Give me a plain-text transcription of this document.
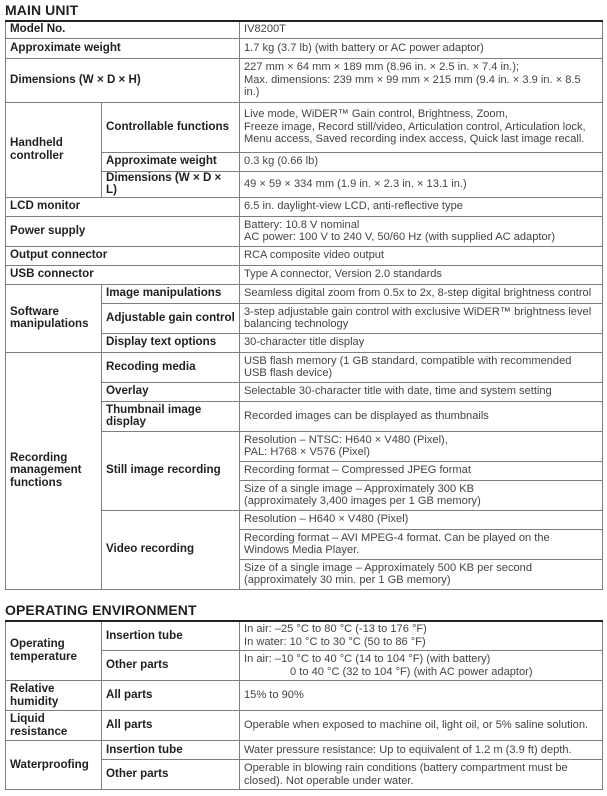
MAIN UNIT
Model No.		IV8200T
Approximate weight		1.7 kg (3.7 lb) (with battery or AC power adaptor)
Dimensions (W × D × H)		227 mm × 64 mm × 189 mm (8.96 in. × 2.5 in. × 7.4 in.);
Max. dimensions: 239 mm × 99 mm × 215 mm (9.4 in. × 3.9 in. × 8.5
in.)

Handheld
controller	Controllable functions	Live mode, WiDER™ Gain control, Brightness, Zoom,
Freeze image, Record still/video, Articulation control, Articulation lock,
Menu access, Saved recording index access, Quick last image recall.

	Approximate weight	0.3 kg (0.66 lb)
	Dimensions (W × D × L)	49 × 59 × 334 mm (1.9 in. × 2.3 in. × 13.1 in.)
LCD monitor		6.5 in. daylight-view LCD, anti-reflective type
Power supply		Battery: 10.8 V nominal
AC power: 100 V to 240 V, 50/60 Hz (with supplied AC adaptor)

Output connector		RCA composite video output
USB connector		Type A connector, Version 2.0 standards

Software
manipulations	Image manipulations	Seamless digital zoom from 0.5x to 2x, 8-step digital brightness control
	Adjustable gain control	3-step adjustable gain control with exclusive WiDER™ brightness level
balancing technology

	Display text options	30-character title display

Recording
management
functions	Recoding media	USB flash memory (1 GB standard, compatible with recommended
USB flash device)

	Overlay	Selectable 30-character title with date, time and system setting

	Thumbnail image
display	Recorded images can be displayed as thumbnails
	Still image recording	Resolution – NTSC: H640 × V480 (Pixel),
PAL: H768 × V576 (Pixel)

		Recording format – Compressed JPEG format

		Size of a single image – Approximately 300 KB
(approximately 3,400 images per 1 GB memory)

	Video recording	Resolution – H640 × V480 (Pixel)

		Recording format – AVI MPEG-4 format. Can be played on the
Windows Media Player.

		Size of a single image – Approximately 500 KB per second
(approximately 30 min. per 1 GB memory)
OPERATING ENVIRONMENT
Operating
temperature	Insertion tube	In air: –25 °C to 80 °C (-13 to 176 °F)
In water: 10 °C to 30 °C (50 to 86 °F)

	Other parts	In air: –10 °C to 40 °C (14 to 104 °F) (with battery)
0 to 40 °C (32 to 104 °F) (with AC power adaptor)

Relative
humidity	All parts	15% to 90%

Liquid
resistance	All parts	Operable when exposed to machine oil, light oil, or 5% saline solution.
Waterproofing	Insertion tube	Water pressure resistance: Up to equivalent of 1.2 m (3.9 ft) depth.
	Other parts	Operable in blowing rain conditions (battery compartment must be
closed). Not operable under water.
